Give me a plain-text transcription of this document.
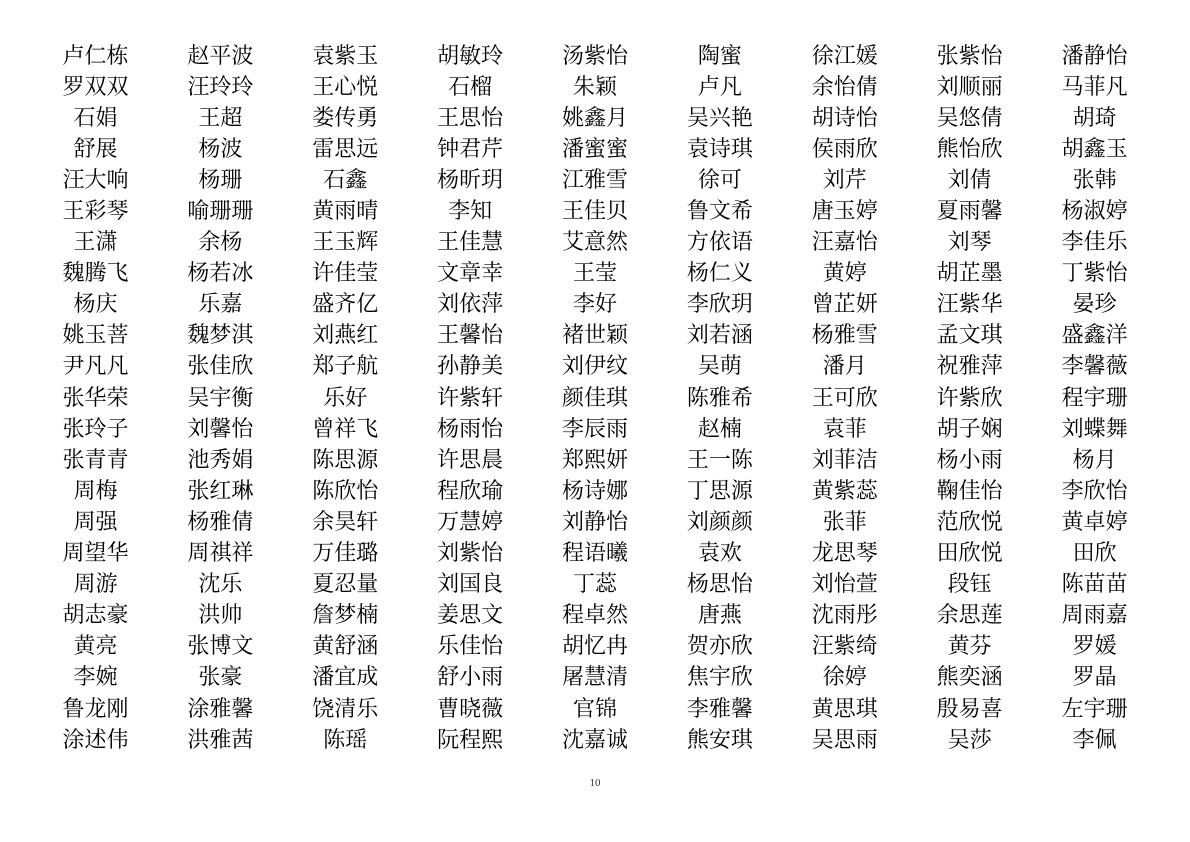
卢仁栋	赵平波	袁紫玉	胡敏玲	汤紫怡	陶蜜	徐江媛	张紫怡	潘静怡
罗双双	汪玲玲	王心悦	石榴	朱颖	卢凡	余怡倩	刘顺丽	马菲凡
石娟	王超	娄传勇	王思怡	姚鑫月	吴兴艳	胡诗怡	吴悠倩	胡琦
舒展	杨波	雷思远	钟君芹	潘蜜蜜	袁诗琪	侯雨欣	熊怡欣	胡鑫玉
汪大响	杨珊	石鑫	杨昕玥	江雅雪	徐可	刘芹	刘倩	张韩
王彩琴	喻珊珊	黄雨晴	李知	王佳贝	鲁文希	唐玉婷	夏雨馨	杨淑婷
王潇	余杨	王玉辉	王佳慧	艾意然	方依语	汪嘉怡	刘琴	李佳乐
魏腾飞	杨若冰	许佳莹	文章幸	王莹	杨仁义	黄婷	胡芷墨	丁紫怡
杨庆	乐嘉	盛齐亿	刘依萍	李好	李欣玥	曾芷妍	汪紫华	晏珍
姚玉菩	魏梦淇	刘燕红	王馨怡	褚世颖	刘若涵	杨雅雪	孟文琪	盛鑫洋
尹凡凡	张佳欣	郑子航	孙静美	刘伊纹	吴萌	潘月	祝雅萍	李馨薇
张华荣	吴宇衡	乐好	许紫轩	颜佳琪	陈雅希	王可欣	许紫欣	程宇珊
张玲子	刘馨怡	曾祥飞	杨雨怡	李辰雨	赵楠	袁菲	胡子娴	刘蝶舞
张青青	池秀娟	陈思源	许思晨	郑熙妍	王一陈	刘菲洁	杨小雨	杨月
周梅	张红琳	陈欣怡	程欣瑜	杨诗娜	丁思源	黄紫蕊	鞠佳怡	李欣怡
周强	杨雅倩	余昊轩	万慧婷	刘静怡	刘颜颜	张菲	范欣悦	黄卓婷
周望华	周祺祥	万佳璐	刘紫怡	程语曦	袁欢	龙思琴	田欣悦	田欣
周游	沈乐	夏忍量	刘国良	丁蕊	杨思怡	刘怡萱	段钰	陈苗苗
胡志豪	洪帅	詹梦楠	姜思文	程卓然	唐燕	沈雨彤	余思莲	周雨嘉
黄亮	张博文	黄舒涵	乐佳怡	胡忆冉	贺亦欣	汪紫绮	黄芬	罗媛
李婉	张豪	潘宜成	舒小雨	屠慧清	焦宇欣	徐婷	熊奕涵	罗晶
鲁龙刚	涂雅馨	饶清乐	曹晓薇	官锦	李雅馨	黄思琪	殷易喜	左宇珊
涂述伟	洪雅茜	陈瑶	阮程熙	沈嘉诚	熊安琪	吴思雨	吴莎	李佩
10
